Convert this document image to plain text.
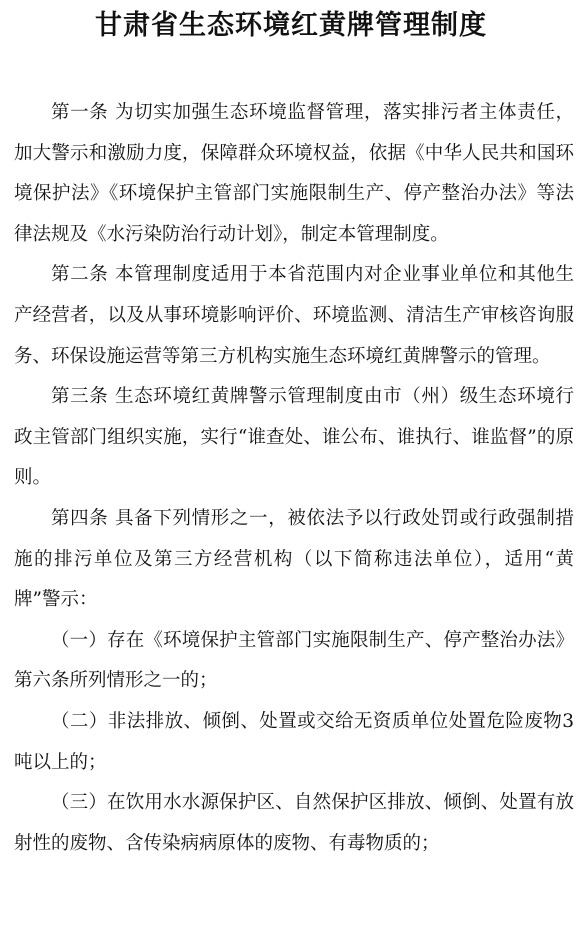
甘肃省生态环境红黄牌管理制度

第一条 为切实加强生态环境监督管理，落实排污者主体责任，加大警示和激励力度，保障群众环境权益，依据《中华人民共和国环境保护法》《环境保护主管部门实施限制生产、停产整治办法》等法律法规及《水污染防治行动计划》，制定本管理制度。

第二条 本管理制度适用于本省范围内对企业事业单位和其他生产经营者，以及从事环境影响评价、环境监测、清洁生产审核咨询服务、环保设施运营等第三方机构实施生态环境红黄牌警示的管理。

第三条 生态环境红黄牌警示管理制度由市（州）级生态环境行政主管部门组织实施，实行“谁查处、谁公布、谁执行、谁监督”的原则。

第四条 具备下列情形之一，被依法予以行政处罚或行政强制措施的排污单位及第三方经营机构（以下简称违法单位），适用“黄牌”警示：

（一）存在《环境保护主管部门实施限制生产、停产整治办法》第六条所列情形之一的；

（二）非法排放、倾倒、处置或交给无资质单位处置危险废物3吨以上的；

（三）在饮用水水源保护区、自然保护区排放、倾倒、处置有放射性的废物、含传染病病原体的废物、有毒物质的；
